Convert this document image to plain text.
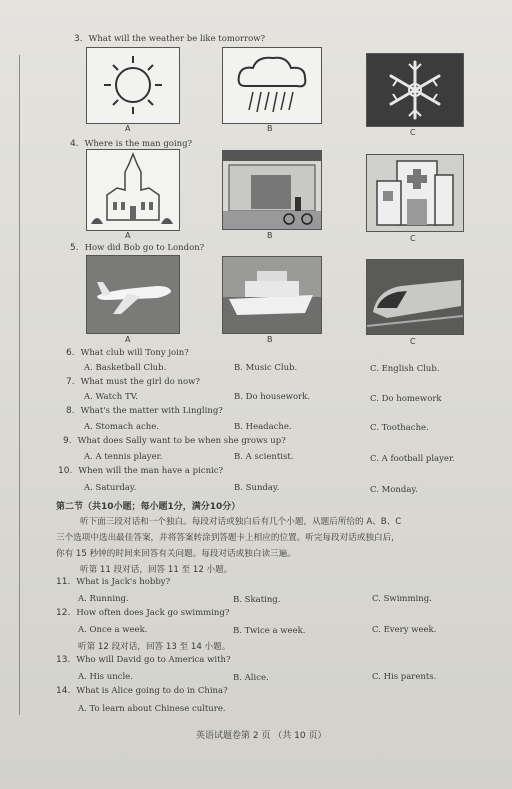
3. What will the weather be like tomorrow?
A	B	C
4. Where is the man going?
A	B	C
5. How did Bob go to London?
A	B	C
6. What club will Tony join?
A. Basketball Club.	B. Music Club.	C. English Club.
7. What must the girl do now?
A. Watch TV.	B. Do housework.	C. Do homework
8. What's the matter with Lingling?
A. Stomach ache.	B. Headache.	C. Toothache.
9. What does Sally want to be when she grows up?
A. A tennis player.	B. A scientist.	C. A football player.
10. When will the man have a picnic?
A. Saturday.	B. Sunday.	C. Monday.
第二节（共10小题；每小题1分，满分10分）
听下面三段对话和一个独白。每段对话或独白后有几个小题，从题后所给的 A、B、C
三个选项中选出最佳答案，并将答案转涂到答题卡上相应的位置。听完每段对话或独白后，
你有 15 秒钟的时间来回答有关问题。每段对话或独白读三遍。
听第 11 段对话，回答 11 至 12 小题。
11. What is Jack's hobby?
A. Running.	B. Skating.	C. Swimming.
12. How often does Jack go swimming?
A. Once a week.	B. Twice a week.	C. Every week.
听第 12 段对话，回答 13 至 14 小题。
13. Who will David go to America with?
A. His uncle.	B. Alice.	C. His parents.
14. What is Alice going to do in China?
A. To learn about Chinese culture.
英语试题卷第 2 页 （共 10 页）
